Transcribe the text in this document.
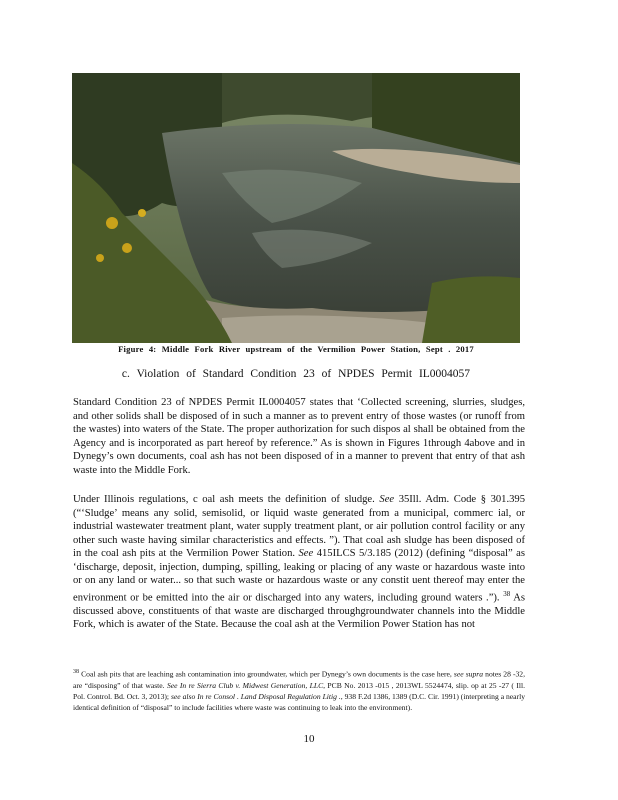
Figure 4: Middle Fork River upstream of the Vermilion Power Station, Sept . 2017
c. Violation of Standard Condition 23 of NPDES Permit IL0004057

Standard Condition 23 of NPDES Permit IL0004057 states that ‘Collected screening, slurries, sludges, and other solids shall be disposed of in such a manner as to prevent entry of those wastes (or runoff from the wastes) into waters of the State. The proper authorization for such dispos al shall be obtained from the Agency and is incorporated as part hereof by reference.” As is shown in Figures 1through 4above and in Dynegy’s own documents, coal ash has not been disposed of in a manner to prevent that entry of that ash waste into the Middle Fork.

Under Illinois regulations, c oal ash meets the definition of sludge. See 35Ill. Adm. Code § 301.395 (“‘Sludge’ means any solid, semisolid, or liquid waste generated from a municipal, commerc ial, or industrial wastewater treatment plant, water supply treatment plant, or air pollution control facility or any other such waste having similar characteristics and effects. ”). That coal ash sludge has been disposed of in the coal ash pits at the Vermilion Power Station. See 415ILCS 5/3.185 (2012) (defining “disposal” as ‘discharge, deposit, injection, dumping, spilling, leaking or placing of any waste or hazardous waste into or on any land or water... so that such waste or hazardous waste or any constit uent thereof may enter the environment or be emitted into the air or discharged into any waters, including ground waters .”). $^{38}$ As discussed above, constituents of that waste are discharged throughgroundwater channels into the Middle Fork, which is awater of the State. Because the coal ash at the Vermilion Power Station has not

$^{38}$ Coal ash pits that are leaching ash contamination into groundwater, which per Dynegy’s own documents is the case here, see supra notes 28 -32, are “disposing” of that waste. See In re Sierra Club v. Midwest Generation, LLC, PCB No. 2013 -015 , 2013WL 5524474, slip. op at 25 -27 ( Ill. Pol. Control. Bd. Oct. 3, 2013); see also In re Consol . Land Disposal Regulation Litig ., 938 F.2d 1386, 1389 (D.C. Cir. 1991) (interpreting a nearly identical definition of “disposal” to include facilities where waste was continuing to leak into the environment).

10
